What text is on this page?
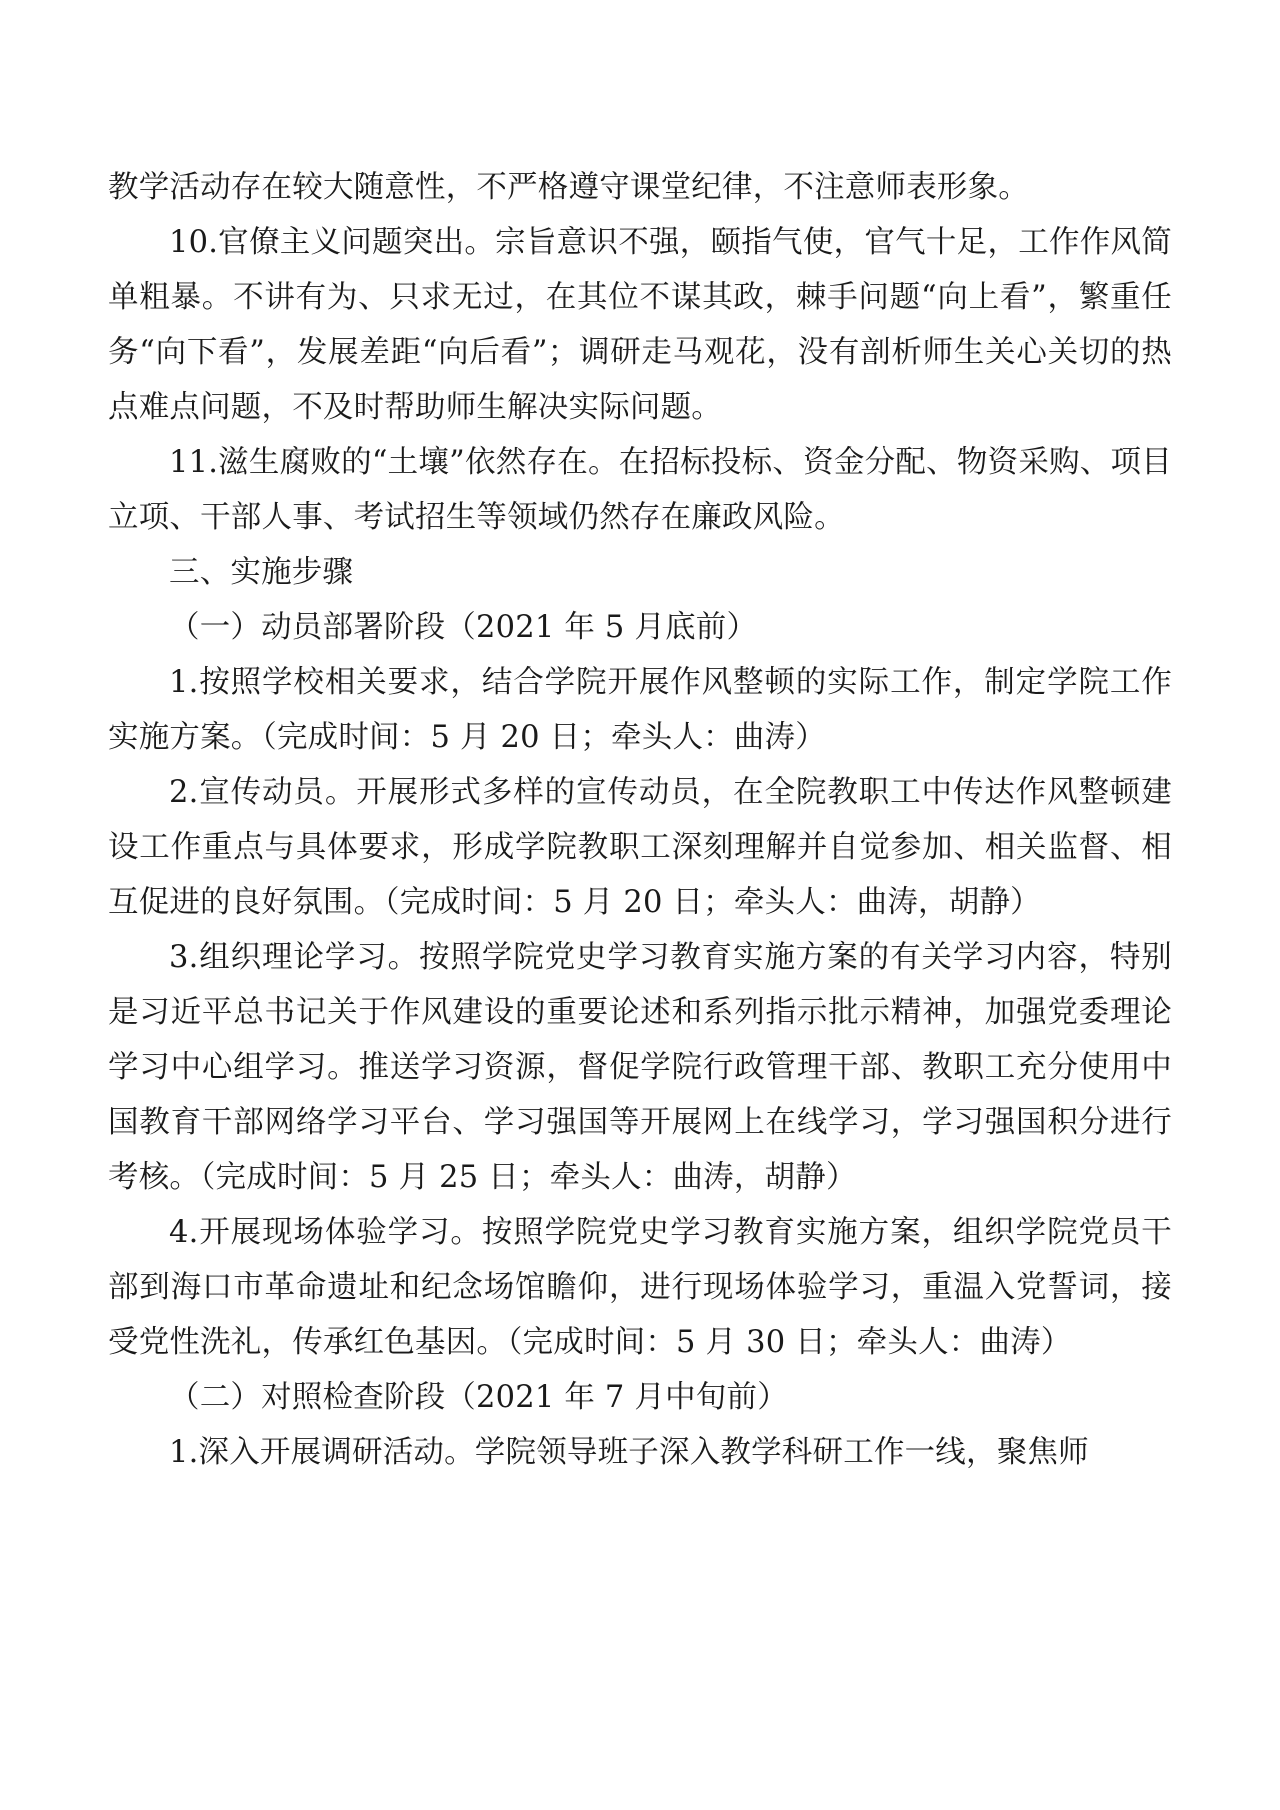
教学活动存在较大随意性，不严格遵守课堂纪律，不注意师表形象。

10.官僚主义问题突出。宗旨意识不强，颐指气使，官气十足，工作作风简单粗暴。不讲有为、只求无过，在其位不谋其政，棘手问题“向上看”，繁重任务“向下看”，发展差距“向后看”；调研走马观花，没有剖析师生关心关切的热点难点问题，不及时帮助师生解决实际问题。

11.滋生腐败的“土壤”依然存在。在招标投标、资金分配、物资采购、项目立项、干部人事、考试招生等领域仍然存在廉政风险。

三、实施步骤

（一）动员部署阶段（2021 年 5 月底前）

1.按照学校相关要求，结合学院开展作风整顿的实际工作，制定学院工作实施方案。（完成时间：5 月 20 日；牵头人：曲涛）

2.宣传动员。开展形式多样的宣传动员，在全院教职工中传达作风整顿建设工作重点与具体要求，形成学院教职工深刻理解并自觉参加、相关监督、相互促进的良好氛围。（完成时间：5 月 20 日；牵头人：曲涛，胡静）

3.组织理论学习。按照学院党史学习教育实施方案的有关学习内容，特别是习近平总书记关于作风建设的重要论述和系列指示批示精神，加强党委理论学习中心组学习。推送学习资源，督促学院行政管理干部、教职工充分使用中国教育干部网络学习平台、学习强国等开展网上在线学习，学习强国积分进行考核。（完成时间：5 月 25 日；牵头人：曲涛，胡静）

4.开展现场体验学习。按照学院党史学习教育实施方案，组织学院党员干部到海口市革命遗址和纪念场馆瞻仰，进行现场体验学习，重温入党誓词，接受党性洗礼，传承红色基因。（完成时间：5 月 30 日；牵头人：曲涛）

（二）对照检查阶段（2021 年 7 月中旬前）

1.深入开展调研活动。学院领导班子深入教学科研工作一线，聚焦师
